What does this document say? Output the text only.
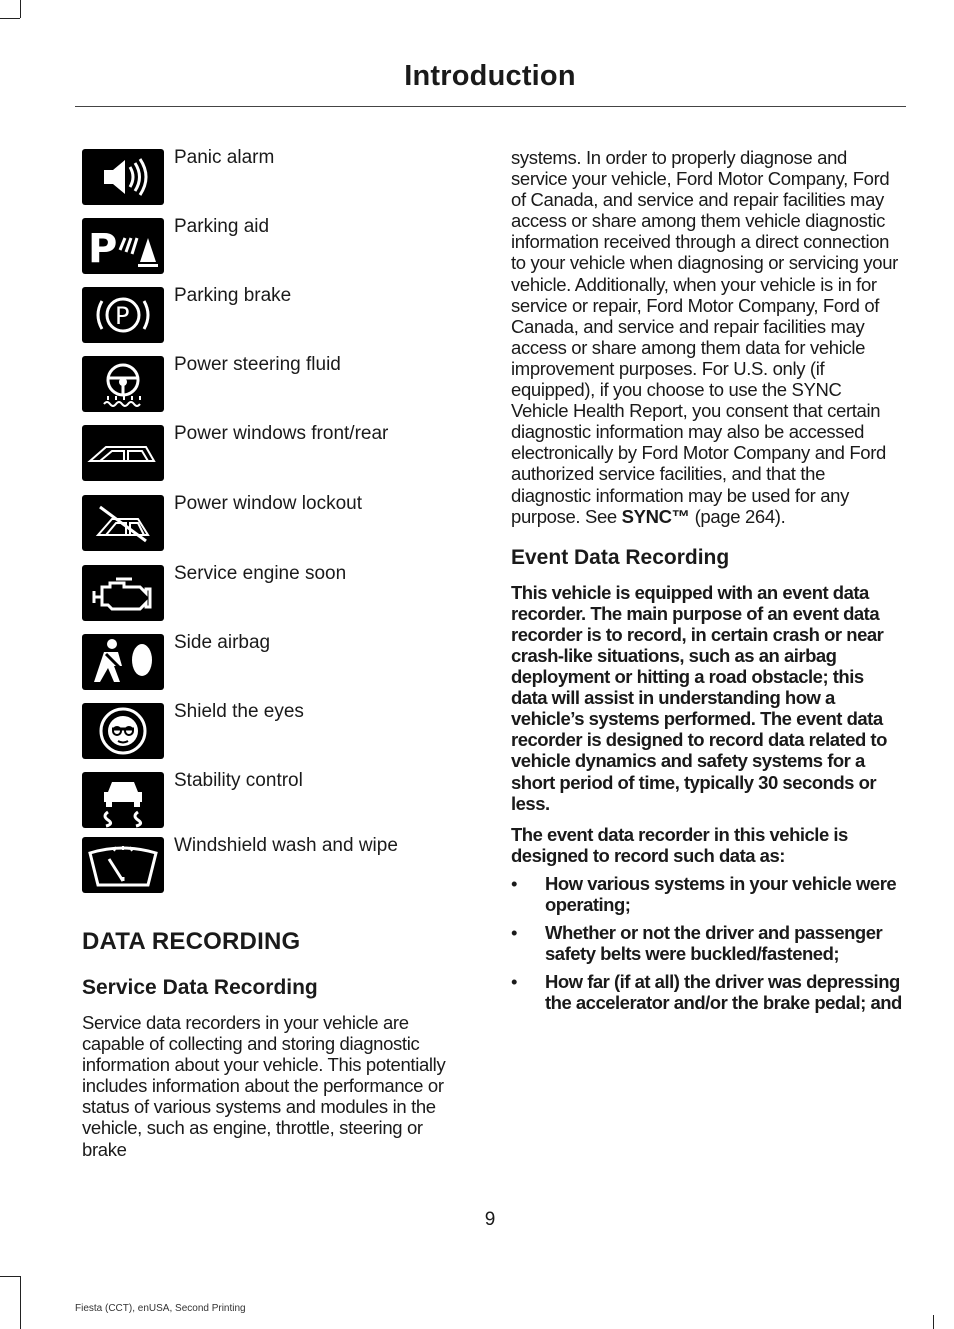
Introduction
Panic alarm
P	Parking aid
P
Parking brake
Power steering fluid
Power windows front/rear
Power window lockout
Service engine soon
Side airbag
Shield the eyes
Stability control
Windshield wash and wipe
DATA RECORDING
Service Data Recording

Service data recorders in your vehicle are capable of collecting and storing diagnostic information about your vehicle. This potentially includes information about the performance or status of various systems and modules in the vehicle, such as engine, throttle, steering or brake

systems. In order to properly diagnose and service your vehicle, Ford Motor Company, Ford of Canada, and service and repair facilities may access or share among them vehicle diagnostic information received through a direct connection to your vehicle when diagnosing or servicing your vehicle. Additionally, when your vehicle is in for service or repair, Ford Motor Company, Ford of Canada, and service and repair facilities may access or share among them data for vehicle improvement purposes. For U.S. only (if equipped), if you choose to use the SYNC Vehicle Health Report, you consent that certain diagnostic information may also be accessed electronically by Ford Motor Company and Ford authorized service facilities, and that the diagnostic information may be used for any purpose. See SYNC™ (page 264).

Event Data Recording

This vehicle is equipped with an event data recorder. The main purpose of an event data recorder is to record, in certain crash or near crash-like situations, such as an airbag deployment or hitting a road obstacle; this data will assist in understanding how a vehicle’s systems performed. The event data recorder is designed to record data related to vehicle dynamics and safety systems for a short period of time, typically 30 seconds or less.

The event data recorder in this vehicle is designed to record such data as:

• How various systems in your vehicle were operating;
• Whether or not the driver and passenger safety belts were buckled/fastened;
• How far (if at all) the driver was depressing the accelerator and/or the brake pedal; and
9
Fiesta (CCT), enUSA, Second Printing
